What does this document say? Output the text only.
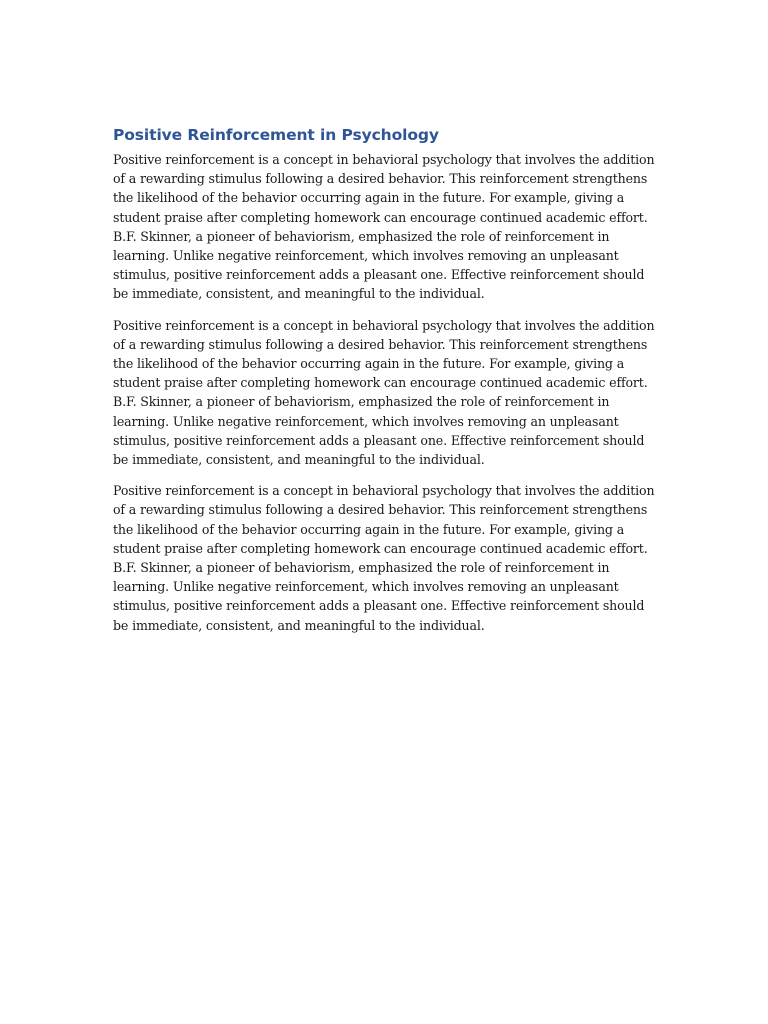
Positive Reinforcement in Psychology

Positive reinforcement is a concept in behavioral psychology that involves the addition of a rewarding stimulus following a desired behavior. This reinforcement strengthens the likelihood of the behavior occurring again in the future. For example, giving a student praise after completing homework can encourage continued academic effort. B.F. Skinner, a pioneer of behaviorism, emphasized the role of reinforcement in learning. Unlike negative reinforcement, which involves removing an unpleasant stimulus, positive reinforcement adds a pleasant one. Effective reinforcement should be immediate, consistent, and meaningful to the individual.

Positive reinforcement is a concept in behavioral psychology that involves the addition of a rewarding stimulus following a desired behavior. This reinforcement strengthens the likelihood of the behavior occurring again in the future. For example, giving a student praise after completing homework can encourage continued academic effort. B.F. Skinner, a pioneer of behaviorism, emphasized the role of reinforcement in learning. Unlike negative reinforcement, which involves removing an unpleasant stimulus, positive reinforcement adds a pleasant one. Effective reinforcement should be immediate, consistent, and meaningful to the individual.

Positive reinforcement is a concept in behavioral psychology that involves the addition of a rewarding stimulus following a desired behavior. This reinforcement strengthens the likelihood of the behavior occurring again in the future. For example, giving a student praise after completing homework can encourage continued academic effort. B.F. Skinner, a pioneer of behaviorism, emphasized the role of reinforcement in learning. Unlike negative reinforcement, which involves removing an unpleasant stimulus, positive reinforcement adds a pleasant one. Effective reinforcement should be immediate, consistent, and meaningful to the individual.
